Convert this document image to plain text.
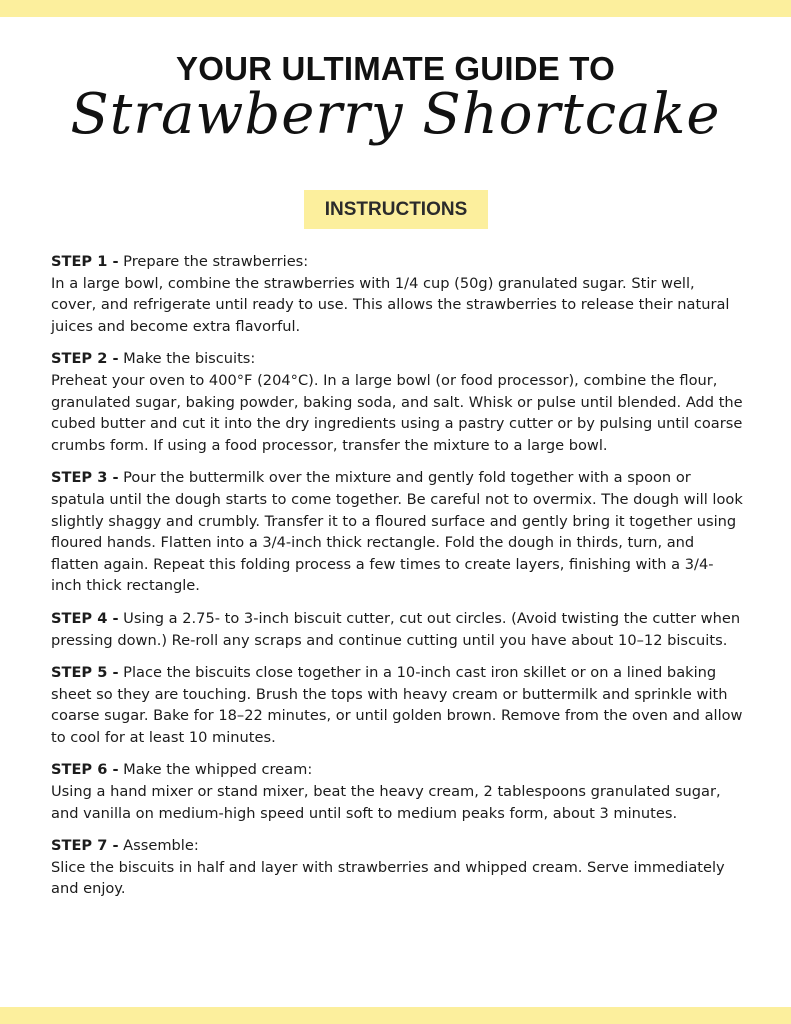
YOUR ULTIMATE GUIDE TO
Strawberry Shortcake
INSTRUCTIONS

STEP 1 - Prepare the strawberries:
In a large bowl, combine the strawberries with 1/4 cup (50g) granulated sugar. Stir well, cover, and refrigerate until ready to use. This allows the strawberries to release their natural juices and become extra flavorful.

STEP 2 - Make the biscuits:
Preheat your oven to 400°F (204°C). In a large bowl (or food processor), combine the flour, granulated sugar, baking powder, baking soda, and salt. Whisk or pulse until blended. Add the cubed butter and cut it into the dry ingredients using a pastry cutter or by pulsing until coarse crumbs form. If using a food processor, transfer the mixture to a large bowl.

STEP 3 - Pour the buttermilk over the mixture and gently fold together with a spoon or spatula until the dough starts to come together. Be careful not to overmix. The dough will look slightly shaggy and crumbly. Transfer it to a floured surface and gently bring it together using floured hands. Flatten into a 3/4-inch thick rectangle. Fold the dough in thirds, turn, and flatten again. Repeat this folding process a few times to create layers, finishing with a 3/4-inch thick rectangle.

STEP 4 - Using a 2.75- to 3-inch biscuit cutter, cut out circles. (Avoid twisting the cutter when pressing down.) Re-roll any scraps and continue cutting until you have about 10–12 biscuits.

STEP 5 - Place the biscuits close together in a 10-inch cast iron skillet or on a lined baking sheet so they are touching. Brush the tops with heavy cream or buttermilk and sprinkle with coarse sugar. Bake for 18–22 minutes, or until golden brown. Remove from the oven and allow to cool for at least 10 minutes.

STEP 6 - Make the whipped cream:
Using a hand mixer or stand mixer, beat the heavy cream, 2 tablespoons granulated sugar, and vanilla on medium-high speed until soft to medium peaks form, about 3 minutes.

STEP 7 - Assemble:
Slice the biscuits in half and layer with strawberries and whipped cream. Serve immediately and enjoy.
